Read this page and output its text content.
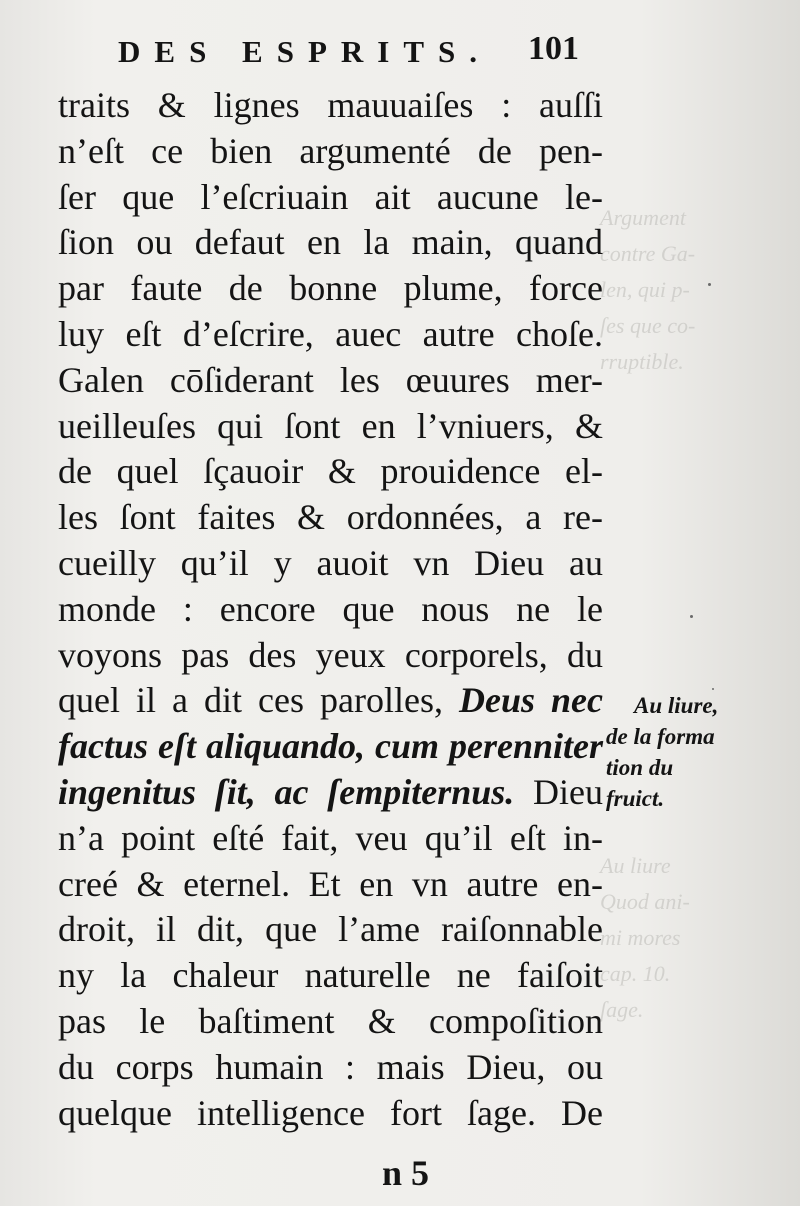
Argument
contre Ga-
len, qui p-
ſes que co-
rruptible.

Au liure
Quod ani-
mi mores
cap. 10.
ſage.
DES ESPRITS. 101
traits & lignes mauuaiſes : auſſi
n’eſt ce bien argumenté de pen-
ſer que l’eſcriuain ait aucune le-
ſion ou defaut en la main, quand
par faute de bonne plume, force
luy eſt d’eſcrire, auec autre choſe.
Galen cōſiderant les œuures mer-
ueilleuſes qui ſont en l’vniuers, &
de quel ſçauoir & prouidence el-
les ſont faites & ordonnées, a re-
cueilly qu’il y auoit vn Dieu au
monde : encore que nous ne le
voyons pas des yeux corporels, du
quel il a dit ces parolles, Deus nec
factus eſt aliquando, cum perenniter
ingenitus ſit, ac ſempiternus. Dieu
n’a point eſté fait, veu qu’il eſt in-
creé & eternel. Et en vn autre en-
droit, il dit, que l’ame raiſonnable
ny la chaleur naturelle ne faiſoit
pas le baſtiment & compoſition
du corps humain : mais Dieu, ou
quelque intelligence fort ſage. De
Au liure,
de la forma
tion du
fruict.
n 5
